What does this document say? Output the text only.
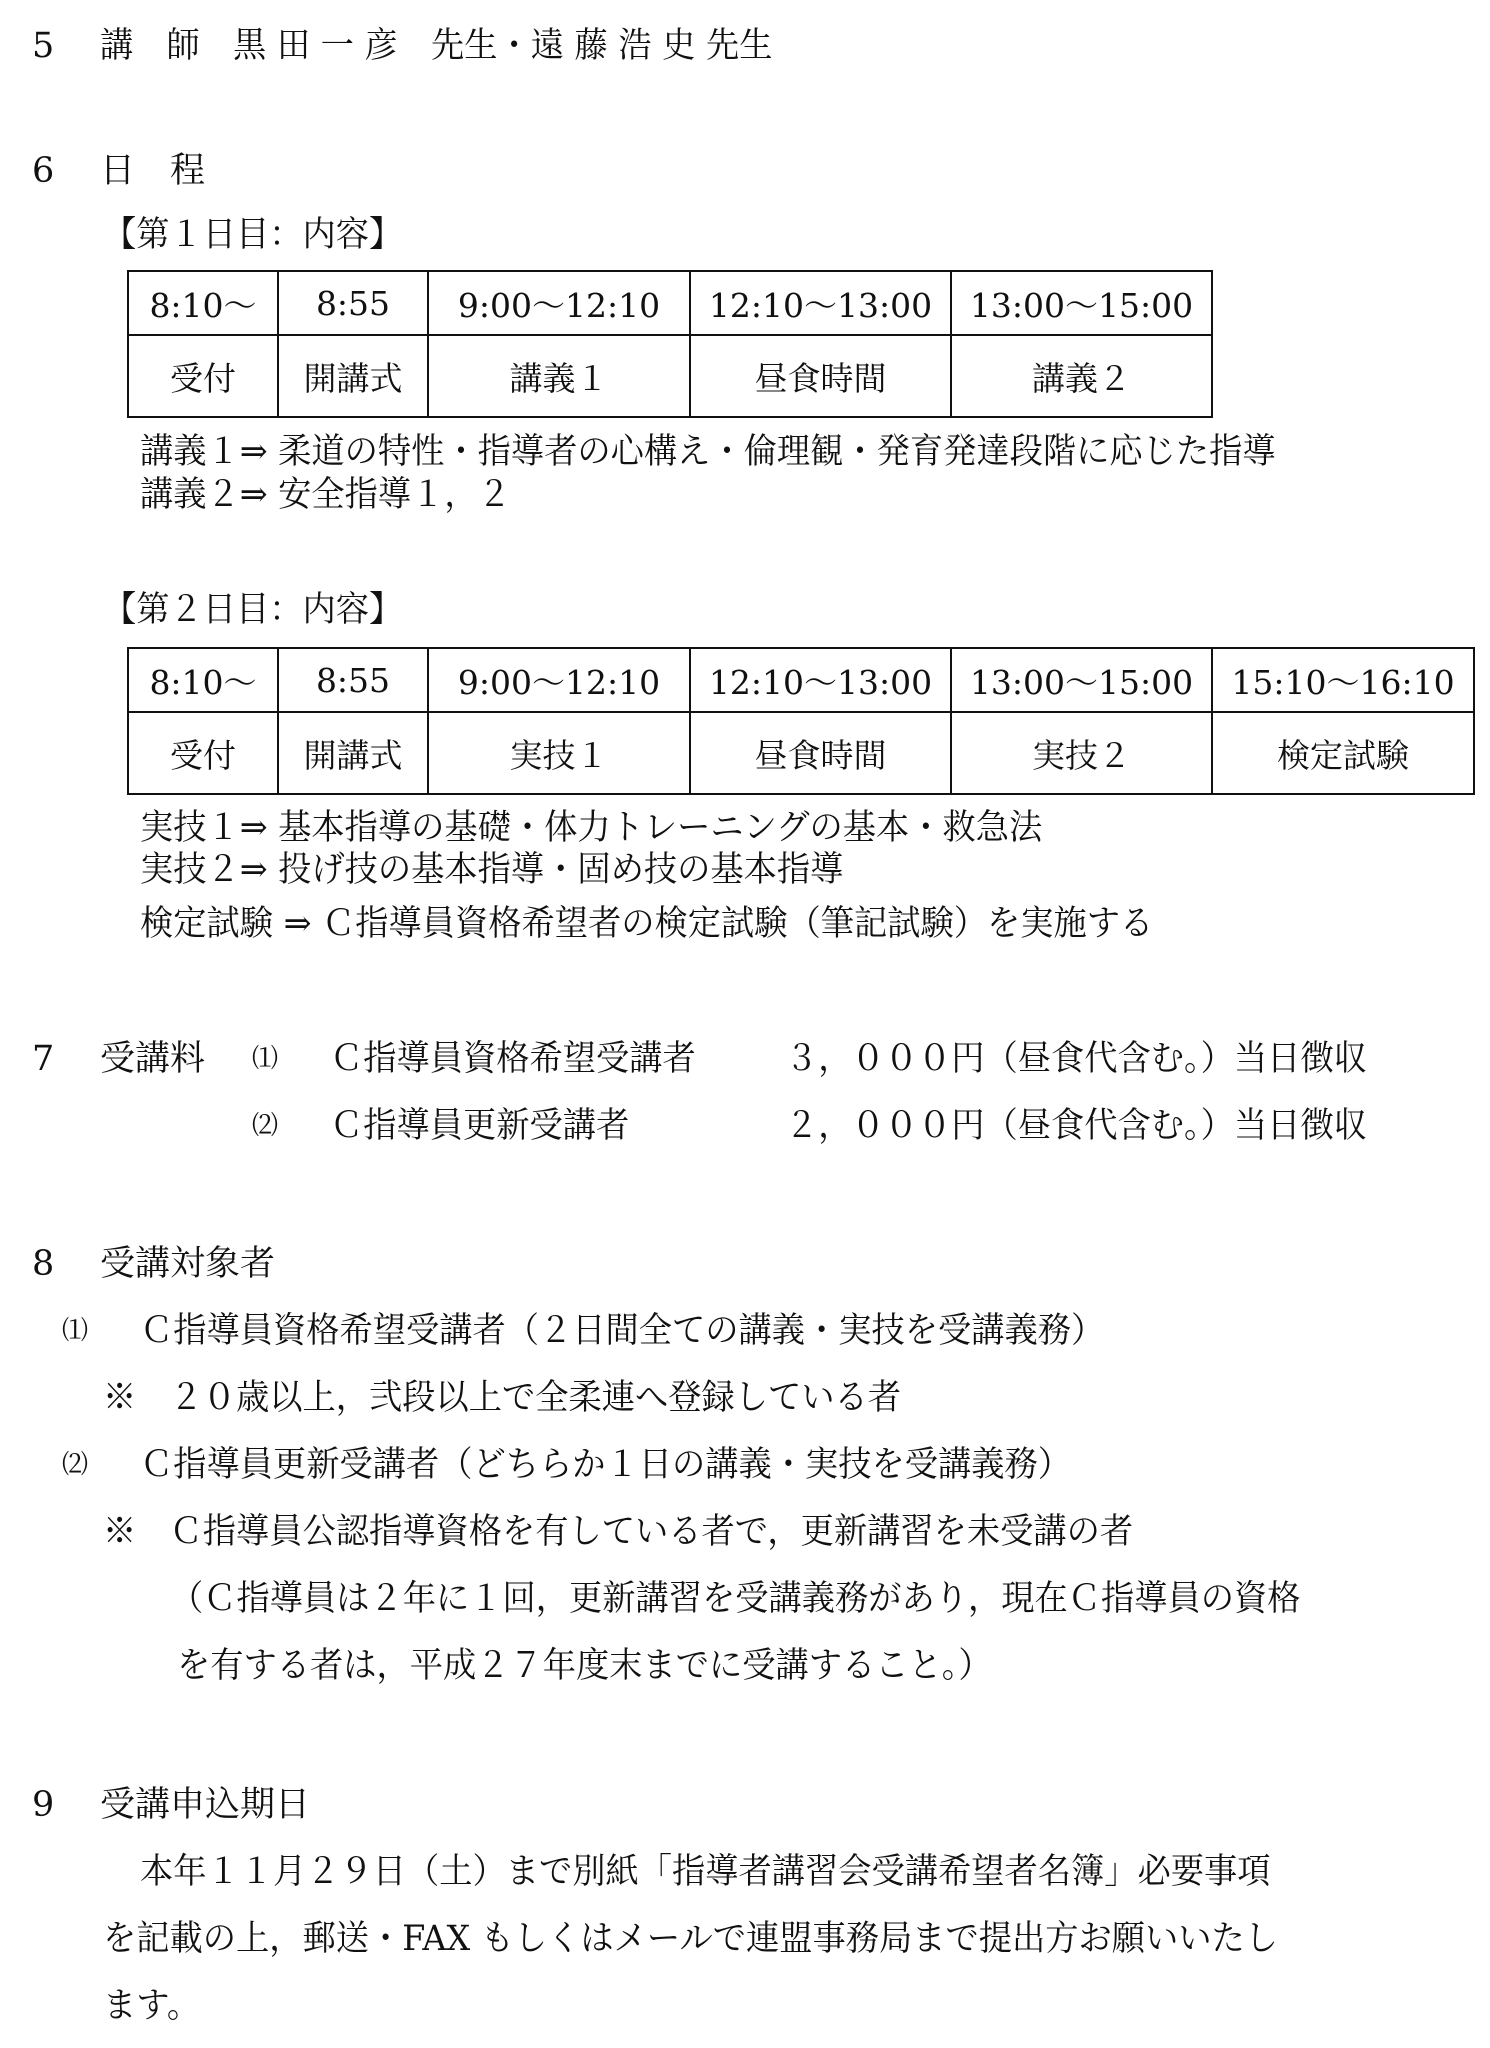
5 講　師　黒 田 一 彦　先生・遠 藤 浩 史 先生
6 日　程
【第１日目：内容】
8:10〜	8:55	9:00〜12:10	12:10〜13:00	13:00〜15:00
受付	開講式	講義１	昼食時間	講義２
講義１⇒ 柔道の特性・指導者の心構え・倫理観・発育発達段階に応じた指導
講義２⇒ 安全指導１，２
【第２日目：内容】
8:10〜	8:55	9:00〜12:10	12:10〜13:00	13:00〜15:00	15:10〜16:10
受付	開講式	実技１	昼食時間	実技２	検定試験
実技１⇒ 基本指導の基礎・体力トレーニングの基本・救急法
実技２⇒ 投げ技の基本指導・固め技の基本指導
検定試験 ⇒ Ｃ指導員資格希望者の検定試験（筆記試験）を実施する
7 受講料 ⑴ Ｃ指導員資格希望受講者	３，０００円（昼食代含む。）当日徴収
⑵ Ｃ指導員更新受講者	２，０００円（昼食代含む。）当日徴収
8 受講対象者
⑴ Ｃ指導員資格希望受講者（２日間全ての講義・実技を受講義務）
※　２０歳以上，弐段以上で全柔連へ登録している者
⑵ Ｃ指導員更新受講者（どちらか１日の講義・実技を受講義務）
※　Ｃ指導員公認指導資格を有している者で，更新講習を未受講の者
（Ｃ指導員は２年に１回，更新講習を受講義務があり，現在Ｃ指導員の資格
を有する者は，平成２７年度末までに受講すること。）
9 受講申込期日
本年１１月２９日（土）まで別紙「指導者講習会受講希望者名簿」必要事項
を記載の上，郵送・FAX もしくはメールで連盟事務局まで提出方お願いいたし
ます。
